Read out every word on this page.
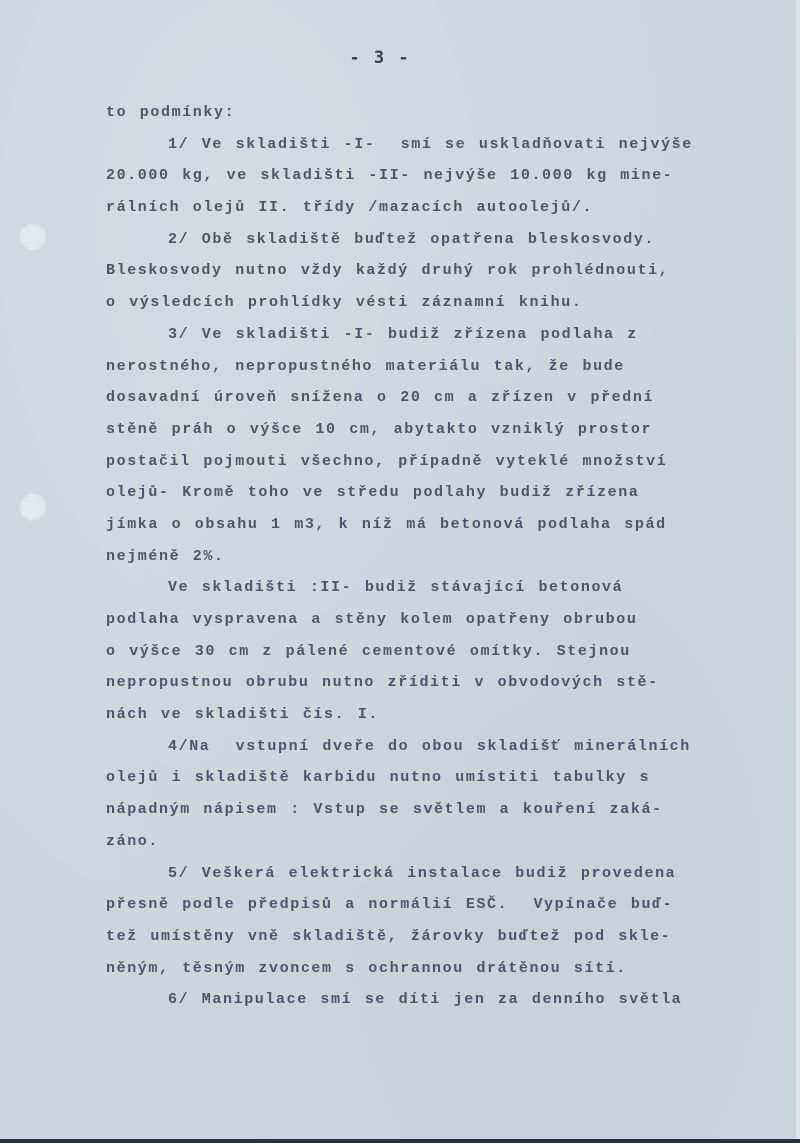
- 3 -
to podmínky:
1/ Ve skladišti -I-  smí se uskladňovati nejvýše
20.000 kg, ve skladišti -II- nejvýše 10.000 kg mine-
rálních olejů II. třídy /mazacích autoolejů/.
2/ Obě skladiště buďtež opatřena bleskosvody.
Bleskosvody nutno vždy každý druhý rok prohlédnouti,
o výsledcích prohlídky vésti záznamní knihu.
3/ Ve skladišti -I- budiž zřízena podlaha z
nerostného, nepropustného materiálu tak, že bude
dosavadní úroveň snížena o 20 cm a zřízen v přední
stěně práh o výšce 10 cm, abytakto vzniklý prostor
postačil pojmouti všechno, případně vyteklé množství
olejů- Kromě toho ve středu podlahy budiž zřízena
jímka o obsahu 1 m3, k níž má betonová podlaha spád
nejméně 2%.
Ve skladišti :II- budiž stávající betonová
podlaha vyspravena a stěny kolem opatřeny obrubou
o výšce 30 cm z pálené cementové omítky. Stejnou
nepropustnou obrubu nutno zříditi v obvodových stě-
nách ve skladišti čís. I.
4/Na  vstupní dveře do obou skladišť minerálních
olejů i skladiště karbidu nutno umístiti tabulky s
nápadným nápisem : Vstup se světlem a kouření zaká-
záno.
5/ Veškerá elektrická instalace budiž provedena
přesně podle předpisů a normálií ESČ.  Vypínače buď-
tež umístěny vně skladiště, žárovky buďtež pod skle-
něným, těsným zvoncem s ochrannou drátěnou sítí.
6/ Manipulace smí se díti jen za denního světla
